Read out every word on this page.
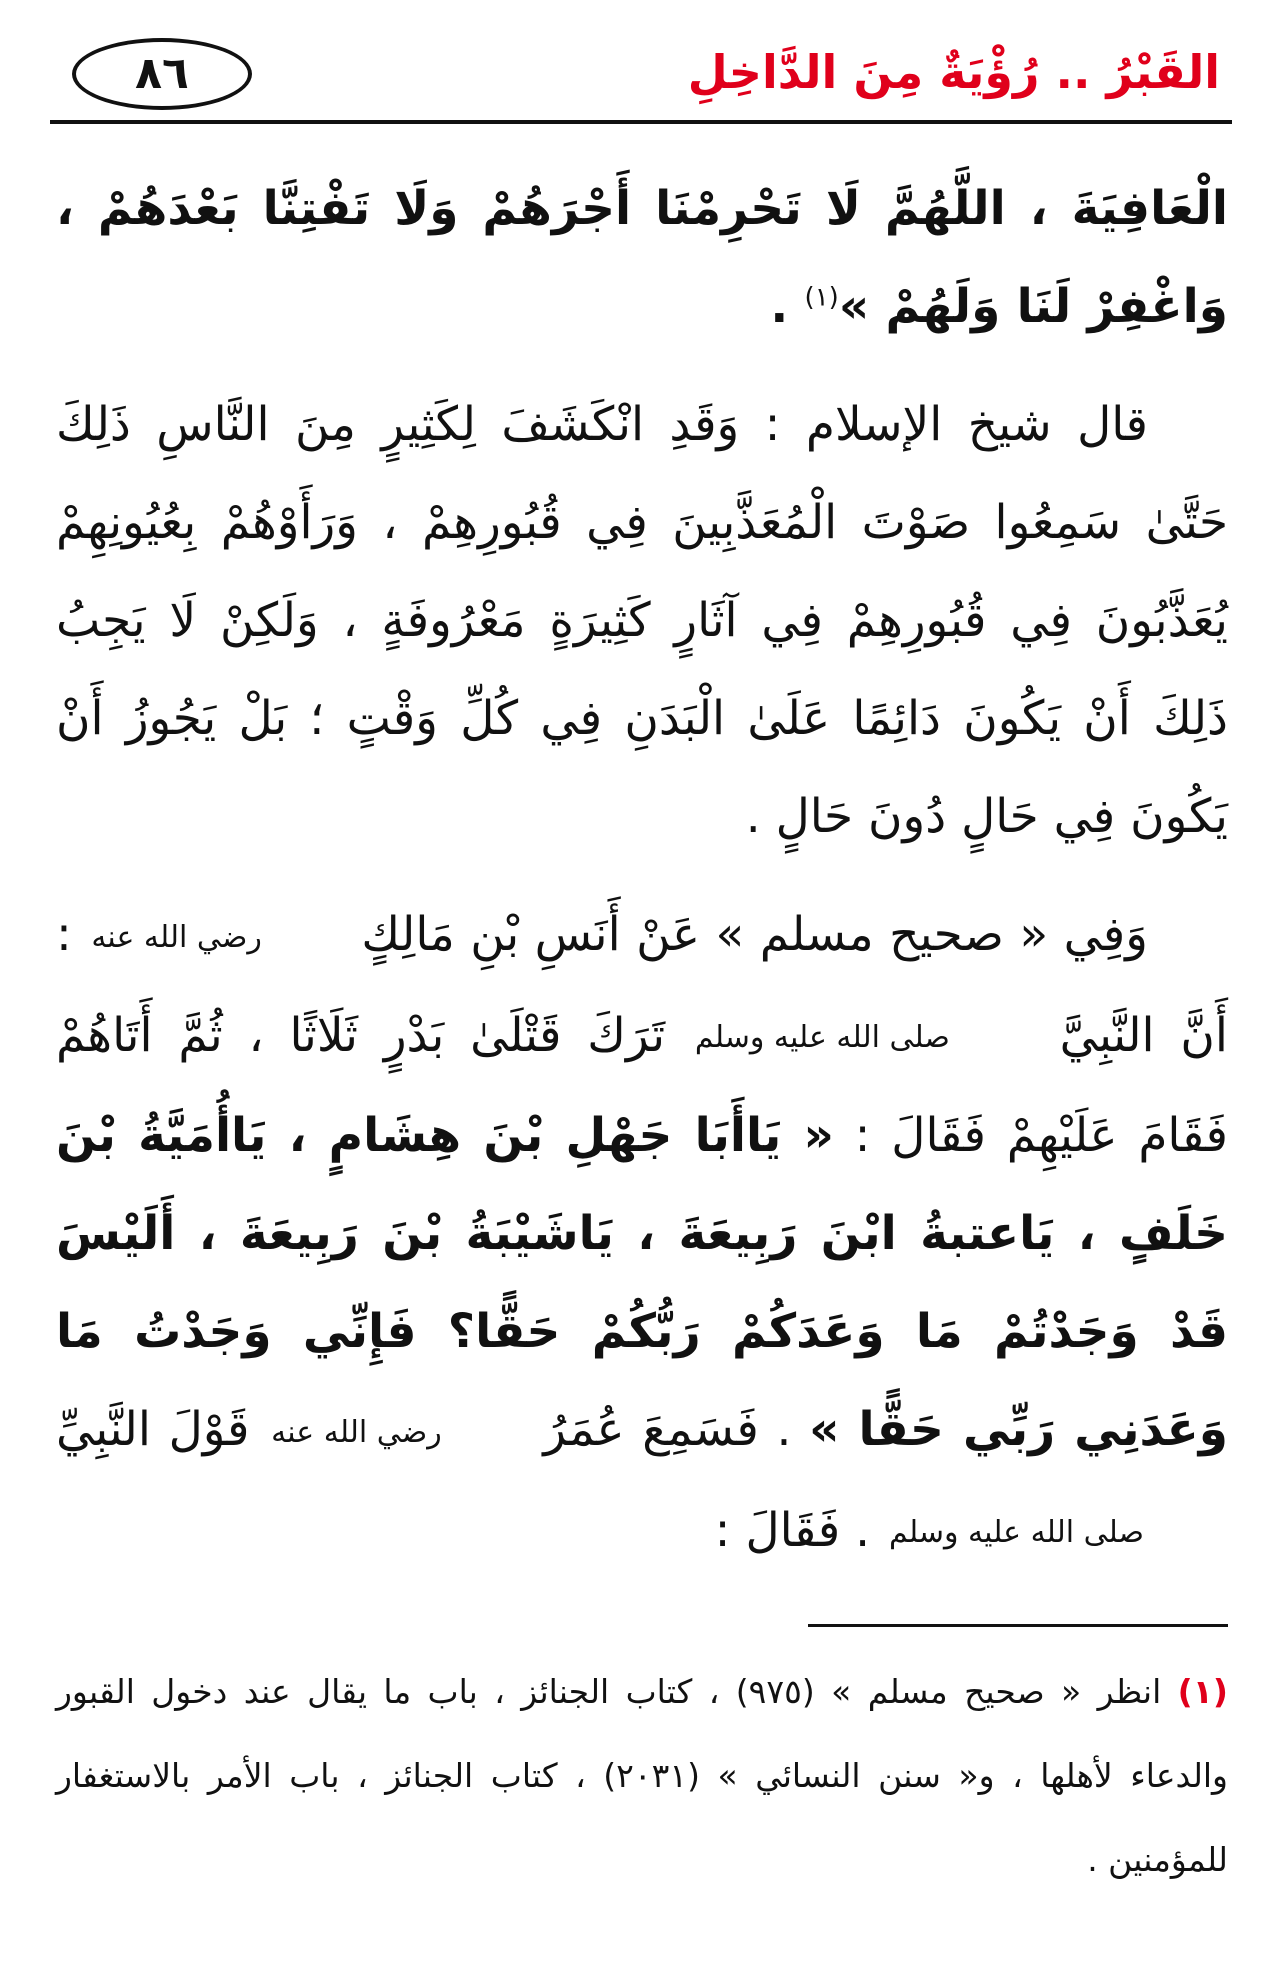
القَبْرُ .. رُؤْيَةٌ مِنَ الدَّاخِلِ
٨٦

الْعَافِيَةَ ، اللَّهُمَّ لَا تَحْرِمْنَا أَجْرَهُمْ وَلَا تَفْتِنَّا بَعْدَهُمْ ، وَاغْفِرْ لَنَا وَلَهُمْ »$^{(١)}$ .

قال شيخ الإسلام : وَقَدِ انْكَشَفَ لِكَثِيرٍ مِنَ النَّاسِ ذَلِكَ حَتَّىٰ سَمِعُوا صَوْتَ الْمُعَذَّبِينَ فِي قُبُورِهِمْ ، وَرَأَوْهُمْ بِعُيُونِهِمْ يُعَذَّبُونَ فِي قُبُورِهِمْ فِي آثَارٍ كَثِيرَةٍ مَعْرُوفَةٍ ، وَلَكِنْ لَا يَجِبُ ذَلِكَ أَنْ يَكُونَ دَائِمًا عَلَىٰ الْبَدَنِ فِي كُلِّ وَقْتٍ ؛ بَلْ يَجُوزُ أَنْ يَكُونَ فِي حَالٍ دُونَ حَالٍ .

وَفِي « صحيح مسلم » عَنْ أَنَسِ بْنِ مَالِكٍ رضي الله عنه : أَنَّ النَّبِيَّ صلى الله عليه وسلم تَرَكَ قَتْلَىٰ بَدْرٍ ثَلَاثًا ، ثُمَّ أَتَاهُمْ فَقَامَ عَلَيْهِمْ فَقَالَ : « يَاأَبَا جَهْلِ بْنَ هِشَامٍ ، يَاأُمَيَّةُ بْنَ خَلَفٍ ، يَاعتبةُ ابْنَ رَبِيعَةَ ، يَاشَيْبَةُ بْنَ رَبِيعَةَ ، أَلَيْسَ قَدْ وَجَدْتُمْ مَا وَعَدَكُمْ رَبُّكُمْ حَقًّا؟ فَإِنِّي وَجَدْتُ مَا وَعَدَنِي رَبِّي حَقًّا » . فَسَمِعَ عُمَرُ رضي الله عنه قَوْلَ النَّبِيِّ صلى الله عليه وسلم . فَقَالَ :

(١) انظر « صحيح مسلم » (٩٧٥) ، كتاب الجنائز ، باب ما يقال عند دخول القبور والدعاء لأهلها ، و« سنن النسائي » (٢٠٣١) ، كتاب الجنائز ، باب الأمر بالاستغفار للمؤمنين .
